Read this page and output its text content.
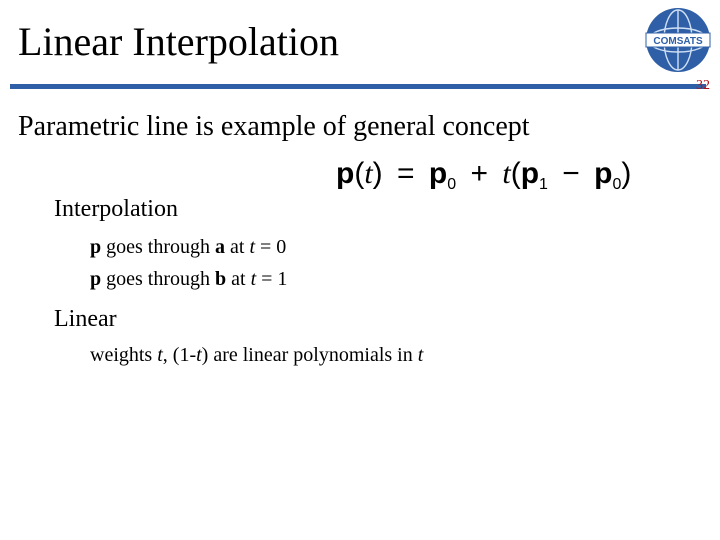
Linear Interpolation	COMSATS
32
Parametric line is example of general concept
$p(t) = p_0 + t(p_1 - p_0)$
Interpolation
p goes through a at t = 0
p goes through b at t = 1
Linear
weights t, (1-t) are linear polynomials in t
